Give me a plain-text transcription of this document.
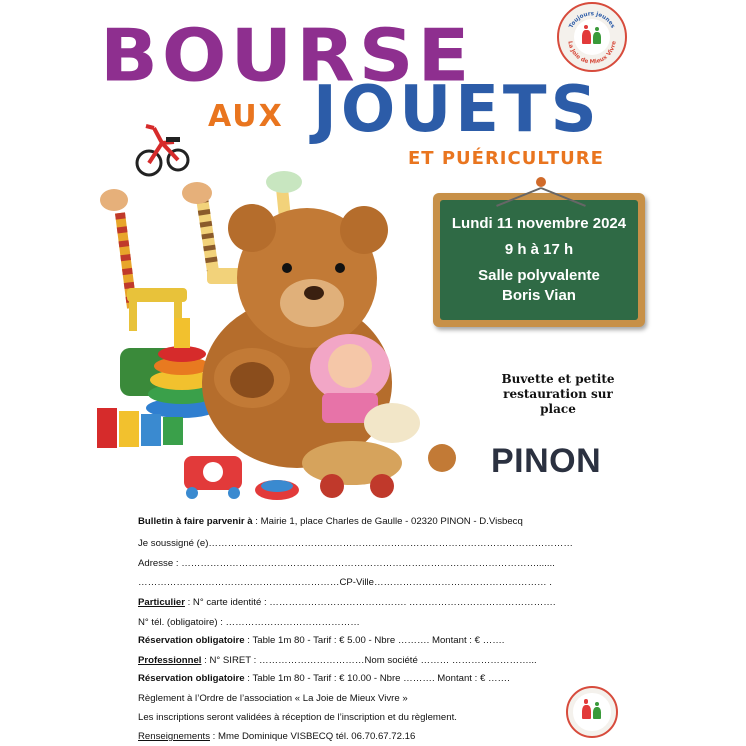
BOURSE
AUX JOUETS
ET PUÉRICULTURE
Toujours jeunes
La Joie de Mieux Vivre
Lundi 11 novembre 2024
9 h à 17 h
Salle polyvalente
Boris Vian
Buvette et petite restauration sur place
PINON
Bulletin à faire parvenir à : Mairie 1, place Charles de Gaulle - 02320 PINON - D.Visbecq
Je soussigné (e)……………………………………………………………………………………………………
Adresse : ………………………………………………………………………………………………….......
………………………………………………………CP-Ville……………………………………………… .
Particulier : N° carte identité : ……………………………………. ……………………………………….
N° tél. (obligatoire) : ……………………………………
Réservation obligatoire : Table 1m 80 - Tarif : € 5.00 - Nbre ………. Montant : € …….
Professionnel : N° SIRET : ……………………………Nom société ……… ……………………...
Réservation obligatoire : Table 1m 80 - Tarif : € 10.00 - Nbre ………. Montant : € …….
Règlement à l’Ordre de l’association « La Joie de Mieux Vivre »
Les inscriptions seront validées à réception de l’inscription et du règlement.
Renseignements : Mme Dominique VISBECQ tél. 06.70.67.72.16
